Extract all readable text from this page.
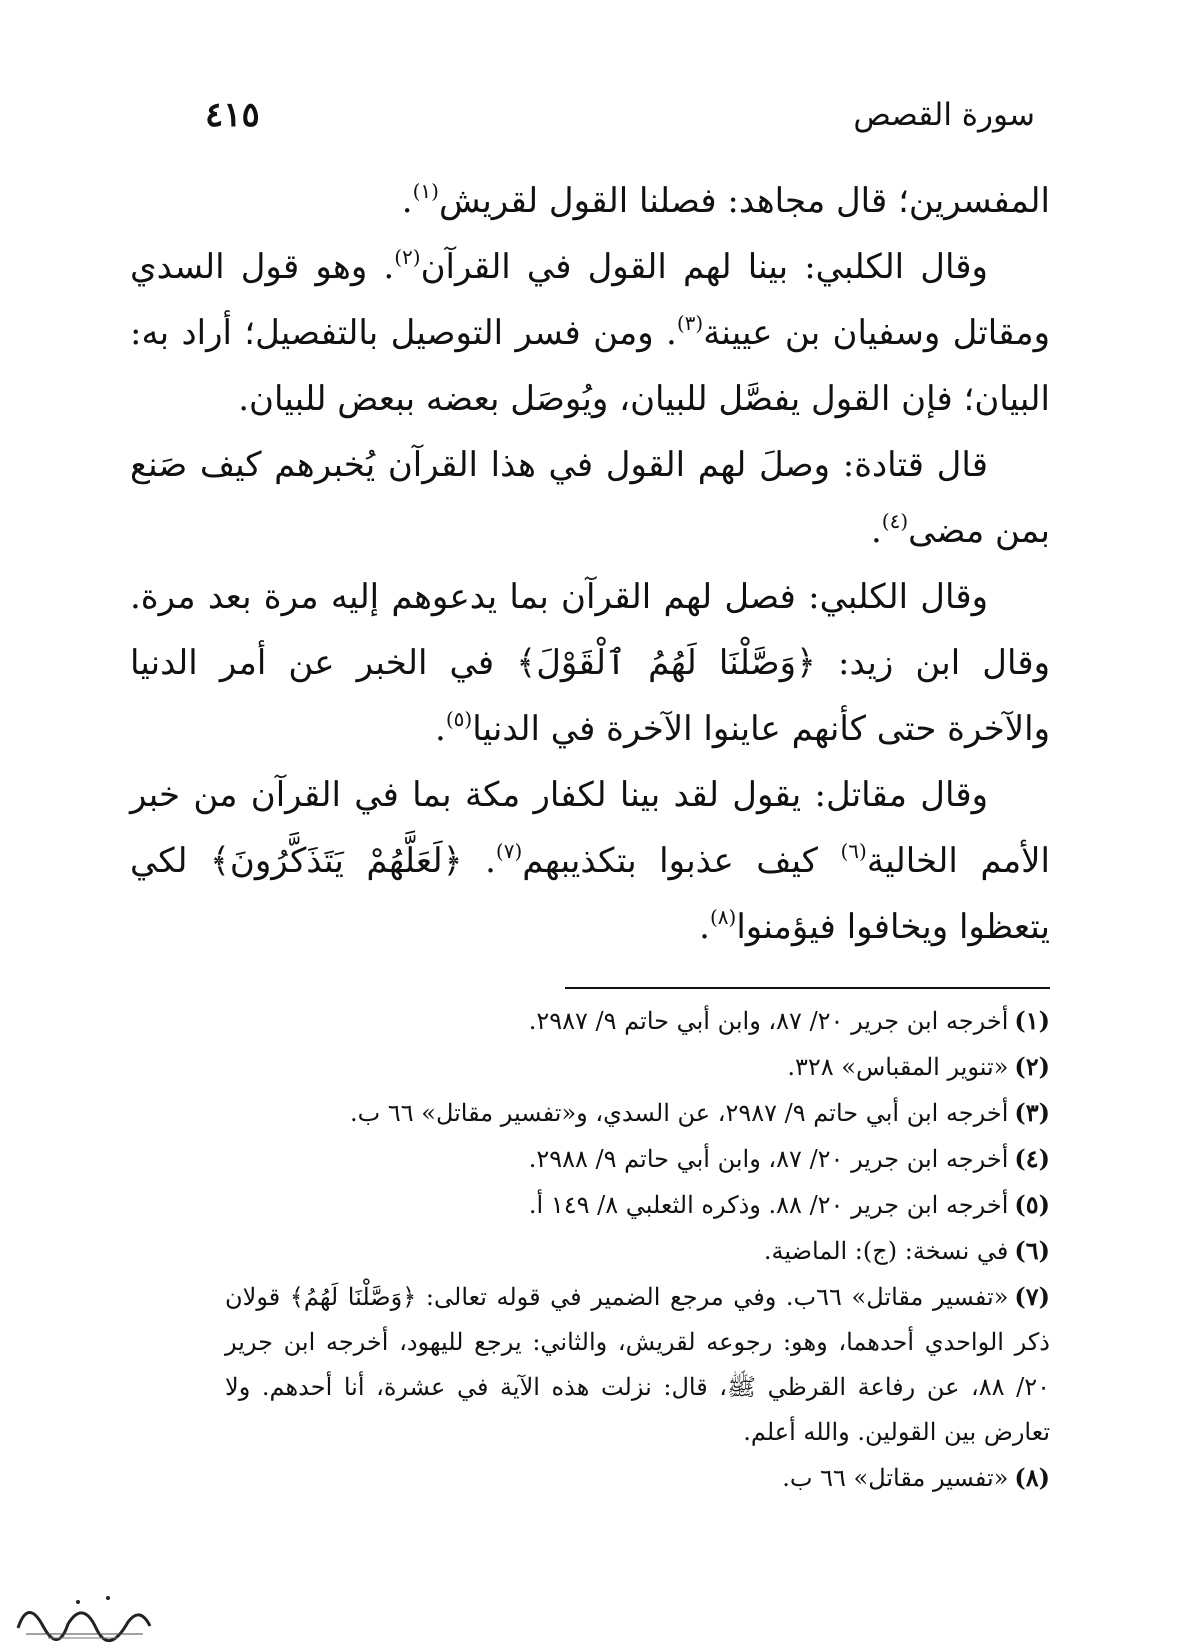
٤١٥	سورة القصص

المفسرين؛ قال مجاهد: فصلنا القول لقريش$^{(١)}$.

وقال الكلبي: بينا لهم القول في القرآن$^{(٢)}$. وهو قول السدي ومقاتل وسفيان بن عيينة$^{(٣)}$. ومن فسر التوصيل بالتفصيل؛ أراد به: البيان؛ فإن القول يفصَّل للبيان، ويُوصَل بعضه ببعض للبيان.

قال قتادة: وصلَ لهم القول في هذا القرآن يُخبرهم كيف صَنع بمن مضى$^{(٤)}$.

وقال الكلبي: فصل لهم القرآن بما يدعوهم إليه مرة بعد مرة. وقال ابن زيد: ﴿وَصَّلْنَا لَهُمُ ٱلْقَوْلَ﴾ في الخبر عن أمر الدنيا والآخرة حتى كأنهم عاينوا الآخرة في الدنيا$^{(٥)}$.

وقال مقاتل: يقول لقد بينا لكفار مكة بما في القرآن من خبر الأمم الخالية$^{(٦)}$ كيف عذبوا بتكذيبهم$^{(٧)}$. ﴿لَعَلَّهُمْ يَتَذَكَّرُونَ﴾ لكي يتعظوا ويخافوا فيؤمنوا$^{(٨)}$.

(١)أخرجه ابن جرير ٢٠/ ٨٧، وابن أبي حاتم ٩/ ٢٩٨٧.

(٢)«تنوير المقباس» ٣٢٨.

(٣)أخرجه ابن أبي حاتم ٩/ ٢٩٨٧، عن السدي، و«تفسير مقاتل» ٦٦ ب.

(٤)أخرجه ابن جرير ٢٠/ ٨٧، وابن أبي حاتم ٩/ ٢٩٨٨.

(٥)أخرجه ابن جرير ٢٠/ ٨٨. وذكره الثعلبي ٨/ ١٤٩ أ.

(٦)في نسخة: (ج): الماضية.

(٧)«تفسير مقاتل» ٦٦ب. وفي مرجع الضمير في قوله تعالى: ﴿وَصَّلْنَا لَهُمُ﴾ قولان ذكر الواحدي أحدهما، وهو: رجوعه لقريش، والثاني: يرجع لليهود، أخرجه ابن جرير ٢٠/ ٨٨، عن رفاعة القرظي ﷺ، قال: نزلت هذه الآية في عشرة، أنا أحدهم. ولا تعارض بين القولين. والله أعلم.

(٨)«تفسير مقاتل» ٦٦ ب.
